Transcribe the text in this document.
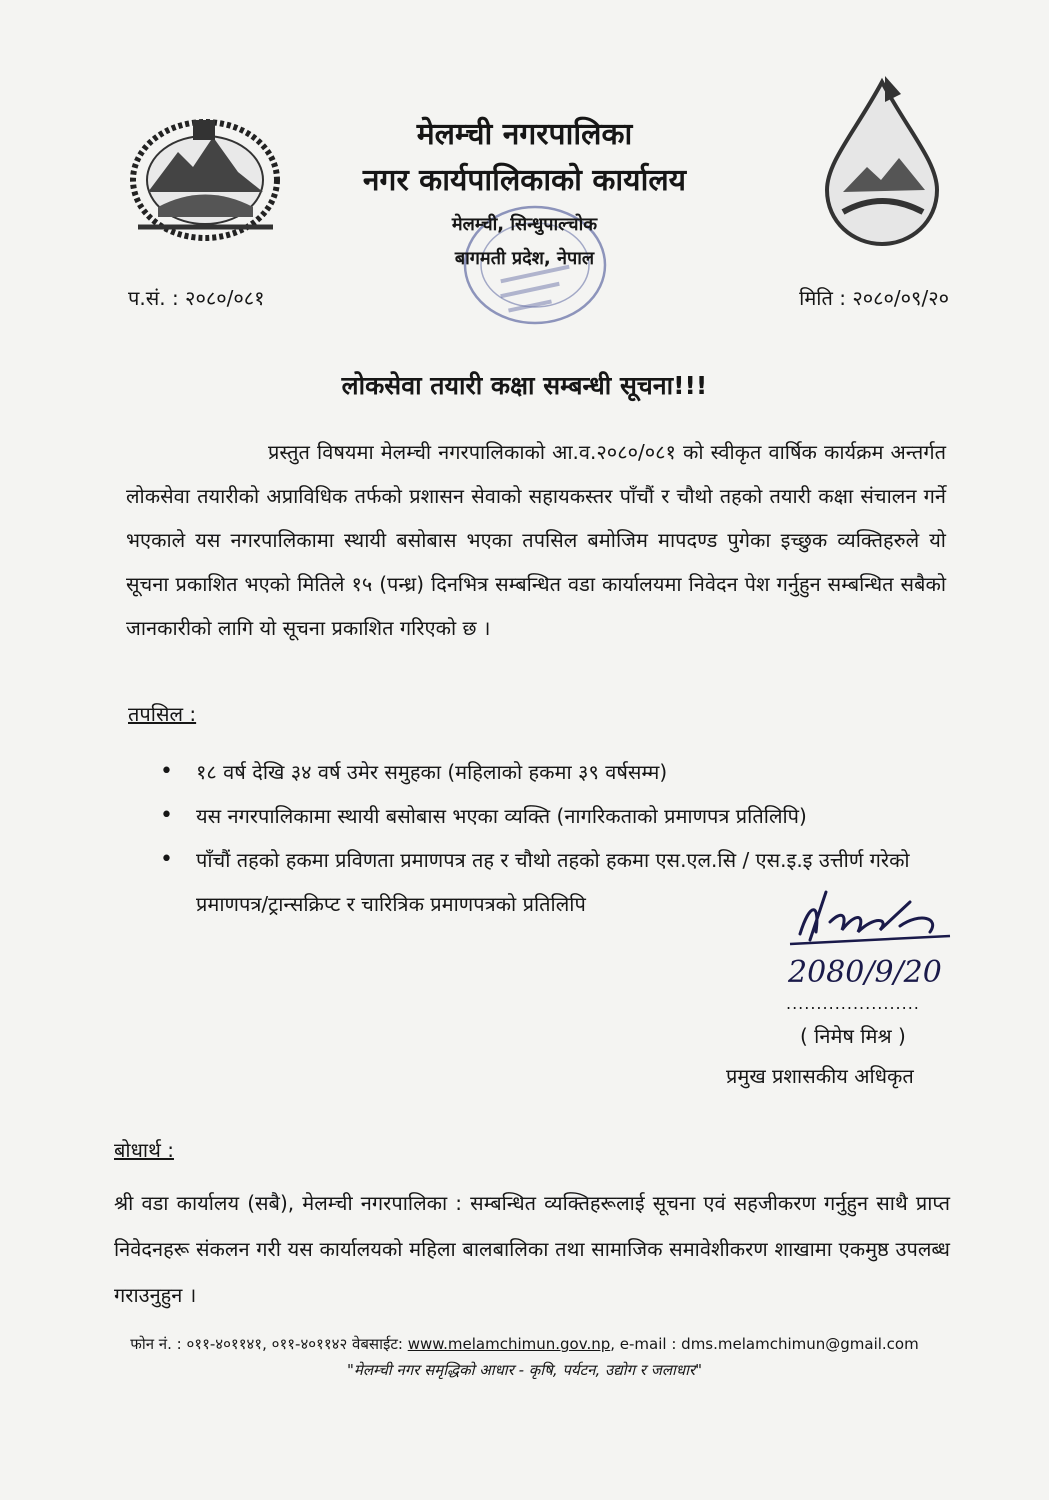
मेलम्ची नगरपालिका
नगर कार्यपालिकाको कार्यालय
मेलम्ची, सिन्धुपाल्चोक
बागमती प्रदेश, नेपाल
प.सं. : २०८०/०८१	मिति : २०८०/०९/२०
लोकसेवा तयारी कक्षा सम्बन्धी सूचना!!!
प्रस्तुत विषयमा मेलम्ची नगरपालिकाको आ.व.२०८०/०८१ को स्वीकृत वार्षिक कार्यक्रम अन्तर्गत लोकसेवा तयारीको अप्राविधिक तर्फको प्रशासन सेवाको सहायकस्तर पाँचौं र चौथो तहको तयारी कक्षा संचालन गर्ने भएकाले यस नगरपालिकामा स्थायी बसोबास भएका तपसिल बमोजिम मापदण्ड पुगेका इच्छुक व्यक्तिहरुले यो सूचना प्रकाशित भएको मितिले १५ (पन्ध्र) दिनभित्र सम्बन्धित वडा कार्यालयमा निवेदन पेश गर्नुहुन सम्बन्धित सबैको जानकारीको लागि यो सूचना प्रकाशित गरिएको छ ।
तपसिल :
• १८ वर्ष देखि ३४ वर्ष उमेर समुहका (महिलाको हकमा ३९ वर्षसम्म)
• यस नगरपालिकामा स्थायी बसोबास भएका व्यक्ति (नागरिकताको प्रमाणपत्र प्रतिलिपि)
• पाँचौं तहको हकमा प्रविणता प्रमाणपत्र तह र चौथो तहको हकमा एस.एल.सि / एस.इ.इ उत्तीर्ण गरेको प्रमाणपत्र/ट्रान्सक्रिप्ट र चारित्रिक प्रमाणपत्रको प्रतिलिपि
2080/9/20
......................
( निमेष मिश्र )
प्रमुख प्रशासकीय अधिकृत
बोधार्थ :
श्री वडा कार्यालय (सबै), मेलम्ची नगरपालिका : सम्बन्धित व्यक्तिहरूलाई सूचना एवं सहजीकरण गर्नुहुन साथै प्राप्त निवेदनहरू संकलन गरी यस कार्यालयको महिला बालबालिका तथा सामाजिक समावेशीकरण शाखामा एकमुष्ठ उपलब्ध गराउनुहुन ।
फोन नं. : ०११-४०११४१, ०११-४०११४२ वेबसाईट: www.melamchimun.gov.np, e-mail : dms.melamchimun@gmail.com
"मेलम्ची नगर समृद्धिको आधार - कृषि, पर्यटन, उद्योग र जलाधार"
